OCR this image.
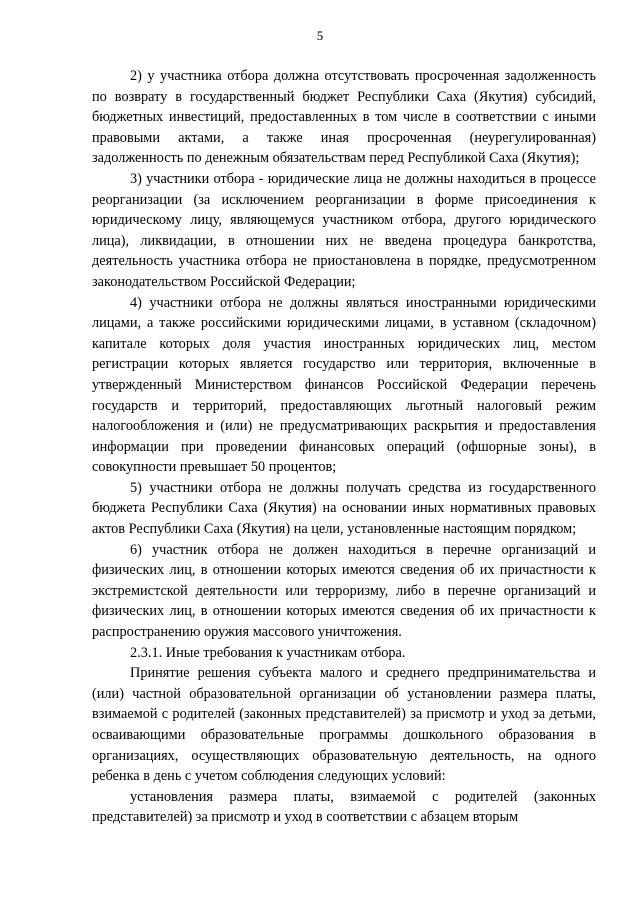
5

2) у участника отбора должна отсутствовать просроченная задолженность по возврату в государственный бюджет Республики Саха (Якутия) субсидий, бюджетных инвестиций, предоставленных в том числе в соответствии с иными правовыми актами, а также иная просроченная (неурегулированная) задолженность по денежным обязательствам перед Республикой Саха (Якутия);

3) участники отбора - юридические лица не должны находиться в процессе реорганизации (за исключением реорганизации в форме присоединения к юридическому лицу, являющемуся участником отбора, другого юридического лица), ликвидации, в отношении них не введена процедура банкротства, деятельность участника отбора не приостановлена в порядке, предусмотренном законодательством Российской Федерации;

4) участники отбора не должны являться иностранными юридическими лицами, а также российскими юридическими лицами, в уставном (складочном) капитале которых доля участия иностранных юридических лиц, местом регистрации которых является государство или территория, включенные в утвержденный Министерством финансов Российской Федерации перечень государств и территорий, предоставляющих льготный налоговый режим налогообложения и (или) не предусматривающих раскрытия и предоставления информации при проведении финансовых операций (офшорные зоны), в совокупности превышает 50 процентов;

5) участники отбора не должны получать средства из государственного бюджета Республики Саха (Якутия) на основании иных нормативных правовых актов Республики Саха (Якутия) на цели, установленные настоящим порядком;

6) участник отбора не должен находиться в перечне организаций и физических лиц, в отношении которых имеются сведения об их причастности к экстремистской деятельности или терроризму, либо в перечне организаций и физических лиц, в отношении которых имеются сведения об их причастности к распространению оружия массового уничтожения.

2.3.1. Иные требования к участникам отбора.

Принятие решения субъекта малого и среднего предпринимательства и (или) частной образовательной организации об установлении размера платы, взимаемой с родителей (законных представителей) за присмотр и уход за детьми, осваивающими образовательные программы дошкольного образования в организациях, осуществляющих образовательную деятельность, на одного ребенка в день с учетом соблюдения следующих условий:

установления размера платы, взимаемой с родителей (законных представителей) за присмотр и уход в соответствии с абзацем вторым
